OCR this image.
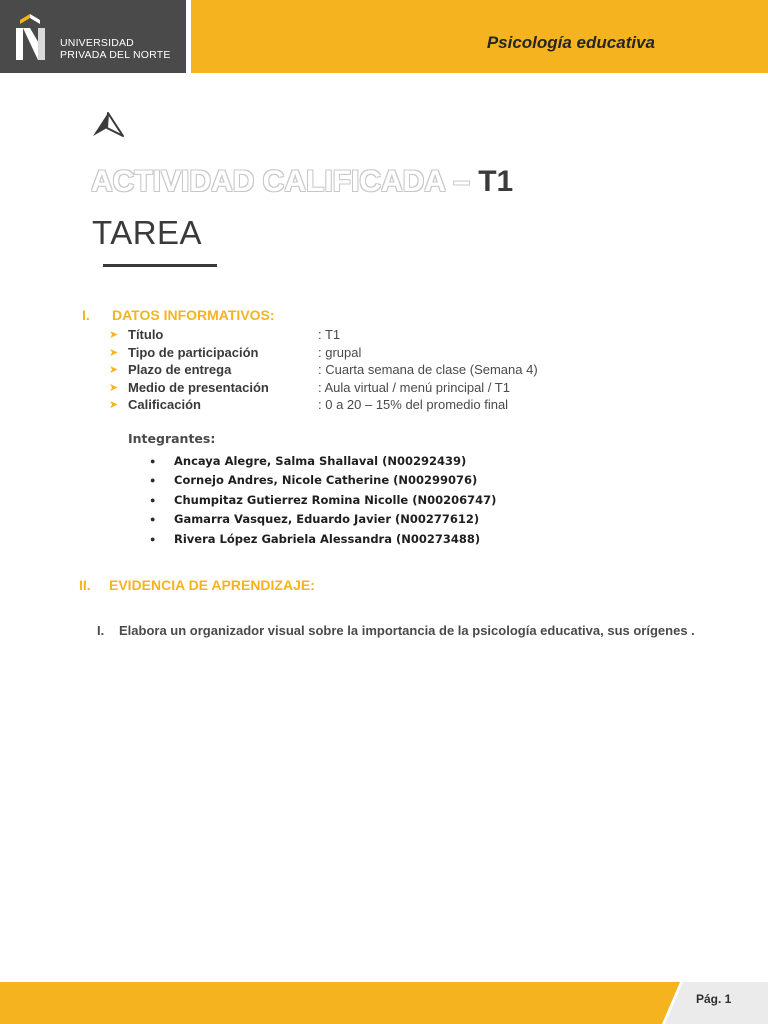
UNIVERSIDAD
PRIVADA DEL NORTE
Psicología educativa
ACTIVIDAD CALIFICADA – T1
TAREA
I. DATOS INFORMATIVOS:
➤ Título	: T1
➤ Tipo de participación	: grupal
➤ Plazo de entrega	: Cuarta semana de clase (Semana 4)
➤ Medio de presentación	: Aula virtual / menú principal / T1
➤ Calificación	: 0 a 20 – 15% del promedio final
Integrantes:
●	Ancaya Alegre, Salma Shallaval (N00292439)
●	Cornejo Andres, Nicole Catherine (N00299076)
●	Chumpitaz Gutierrez Romina Nicolle (N00206747)
●	Gamarra Vasquez, Eduardo Javier (N00277612)
●	Rivera López Gabriela Alessandra (N00273488)
II. EVIDENCIA DE APRENDIZAJE:
I. Elabora un organizador visual sobre la importancia de la psicología educativa, sus orígenes .
Pág. 1
